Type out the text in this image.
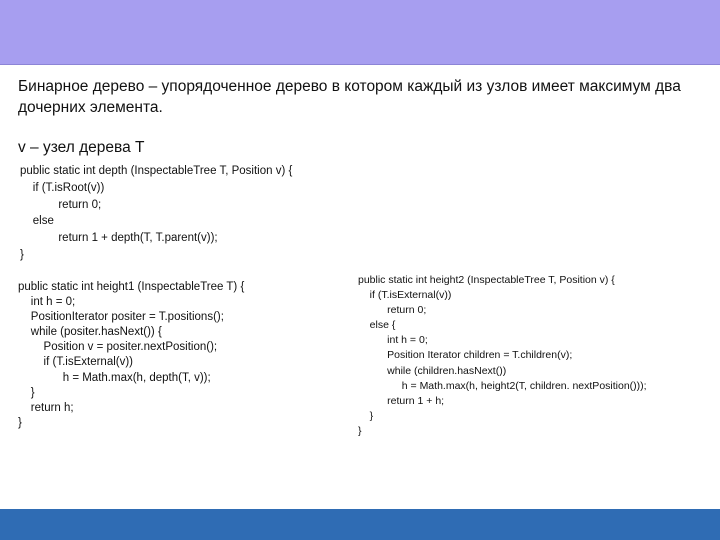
Бинарное дерево – упорядоченное дерево в котором каждый из узлов имеет максимум два дочерних элемента.
v – узел дерева T
public static int depth (InspectableTree T, Position v) {
if (T.isRoot(v))
return 0;
else
return 1 + depth(T, T.parent(v));
}
public static int height1 (InspectableTree T) {
int h = 0;
PositionIterator positer = T.positions();
while (positer.hasNext()) {
Position v = positer.nextPosition();
if (T.isExternal(v))
h = Math.max(h, depth(T, v));
}
return h;
}
public static int height2 (InspectableTree T, Position v) {
if (T.isExternal(v))
return 0;
else {
int h = 0;
Position Iterator children = T.children(v);
while (children.hasNext())
h = Math.max(h, height2(T, children. nextPosition()));
return 1 + h;
}
}
